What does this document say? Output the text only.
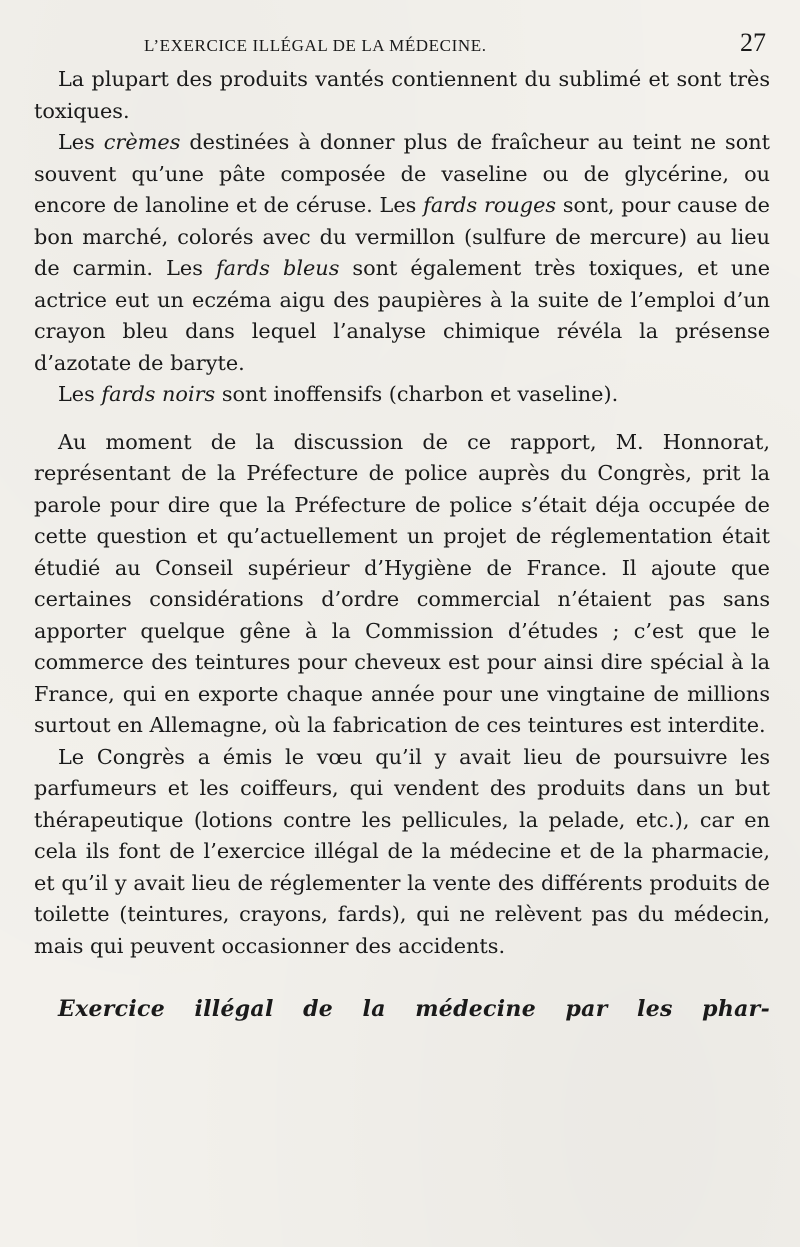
L’EXERCICE ILLÉGAL DE LA MÉDECINE.	27

La plupart des produits vantés contiennent du sublimé et sont très toxiques.

Les crèmes destinées à donner plus de fraîcheur au teint ne sont souvent qu’une pâte composée de vaseline ou de glycérine, ou encore de lanoline et de céruse. Les fards rouges sont, pour cause de bon marché, colorés avec du vermillon (sulfure de mercure) au lieu de carmin. Les fards bleus sont également très toxiques, et une actrice eut un eczéma aigu des paupières à la suite de l’emploi d’un crayon bleu dans lequel l’analyse chimique révéla la présense d’azotate de baryte.

Les fards noirs sont inoffensifs (charbon et vaseline).

Au moment de la discussion de ce rapport, M. Honnorat, représentant de la Préfecture de police auprès du Congrès, prit la parole pour dire que la Préfecture de police s’était déja occupée de cette question et qu’actuellement un projet de réglementation était étudié au Conseil supérieur d’Hygiène de France. Il ajoute que certaines considérations d’ordre commercial n’étaient pas sans apporter quelque gêne à la Commission d’études ; c’est que le commerce des teintures pour cheveux est pour ainsi dire spécial à la France, qui en exporte chaque année pour une vingtaine de millions surtout en Allemagne, où la fabrication de ces teintures est interdite.

Le Congrès a émis le vœu qu’il y avait lieu de poursuivre les parfumeurs et les coiffeurs, qui vendent des produits dans un but thérapeutique (lotions contre les pellicules, la pelade, etc.), car en cela ils font de l’exercice illégal de la médecine et de la pharmacie, et qu’il y avait lieu de réglementer la vente des différents produits de toilette (teintures, crayons, fards), qui ne relèvent pas du médecin, mais qui peuvent occasionner des accidents.

Exercice illégal de la médecine par les phar-
